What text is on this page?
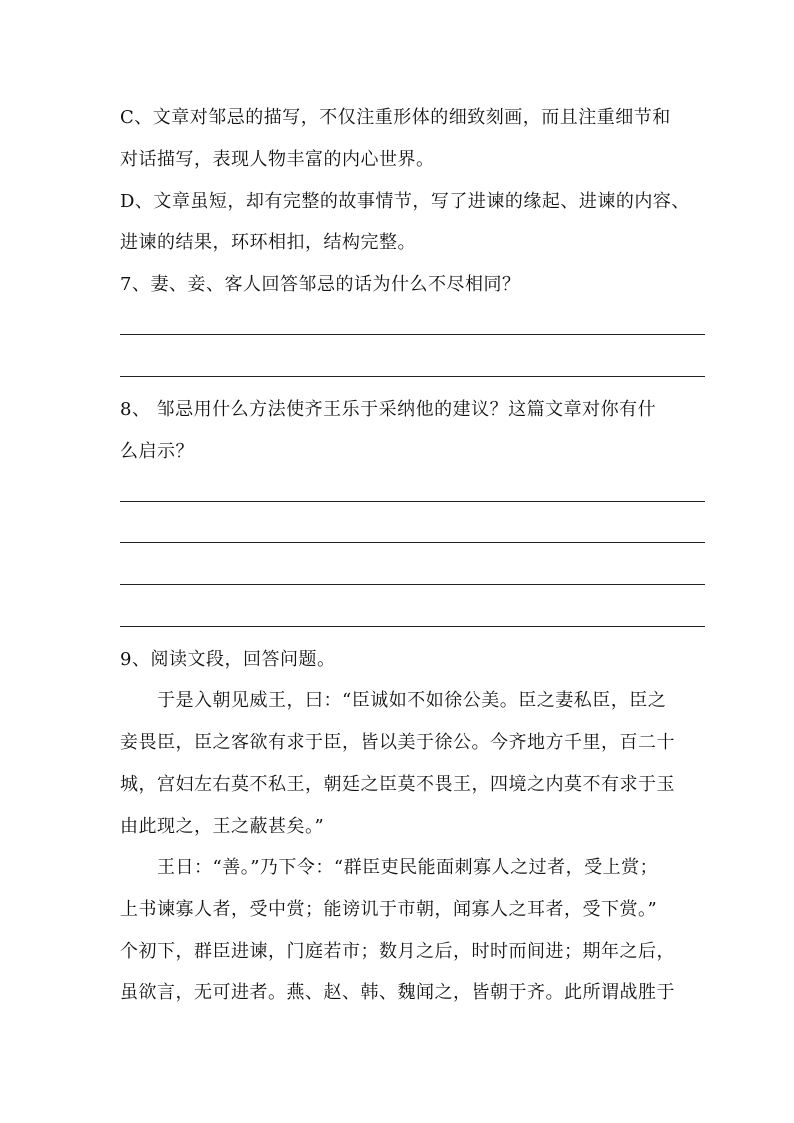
C、文章对邹忌的描写，不仅注重形体的细致刻画，而且注重细节和
对话描写，表现人物丰富的内心世界。
D、文章虽短，却有完整的故事情节，写了进谏的缘起、进谏的内容、
进谏的结果，环环相扣，结构完整。
7、妻、妾、客人回答邹忌的话为什么不尽相同？
8、 邹忌用什么方法使齐王乐于采纳他的建议？这篇文章对你有什
么启示？
9、阅读文段，回答问题。
于是入朝见威王，曰：“臣诚如不如徐公美。臣之妻私臣，臣之
妾畏臣，臣之客欲有求于臣，皆以美于徐公。今齐地方千里，百二十
城，宫妇左右莫不私王，朝廷之臣莫不畏王，四境之内莫不有求于玉
由此现之，王之蔽甚矣。”
王日：“善。”乃下令：“群臣吏民能面刺寡人之过者，受上赏；
上书谏寡人者，受中赏；能谤讥于市朝，闻寡人之耳者，受下赏。”
个初下，群臣进谏，门庭若市；数月之后，时时而间进；期年之后，
虽欲言，无可进者。燕、赵、韩、魏闻之，皆朝于齐。此所谓战胜于
